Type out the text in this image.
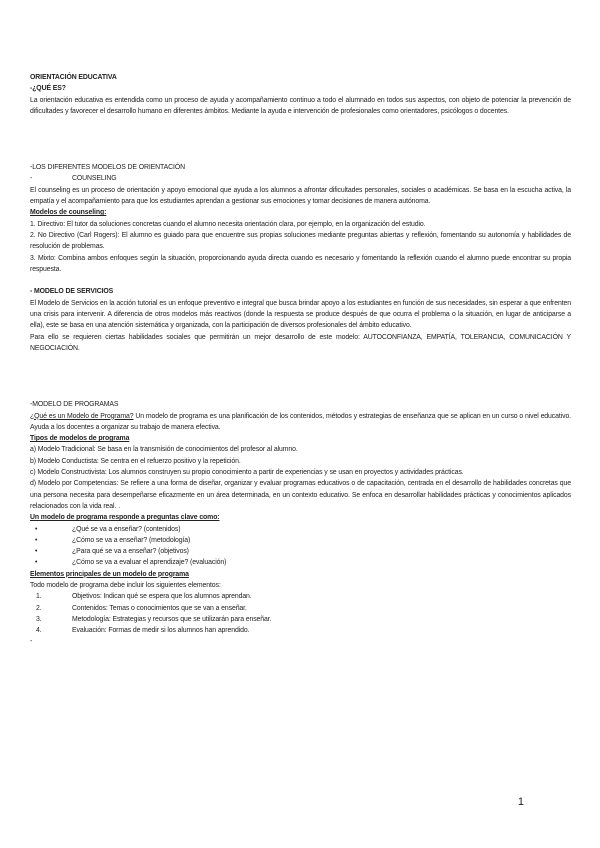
ORIENTACIÓN EDUCATIVA

-¿QUÉ ES?

La orientación educativa es entendida como un proceso de ayuda y acompañamiento continuo a todo el alumnado en todos sus aspectos, con objeto de potenciar la prevención de dificultades y favorecer el desarrollo humano en diferentes ámbitos. Mediante la ayuda e intervención de profesionales como orientadores, psicólogos o docentes.

-LOS DIFERENTES MODELOS DE ORIENTACIÓN

-	COUNSELING

El counseling es un proceso de orientación y apoyo emocional que ayuda a los alumnos a afrontar dificultades personales, sociales o académicas. Se basa en la escucha activa, la empatía y el acompañamiento para que los estudiantes aprendan a gestionar sus emociones y tomar decisiones de manera autónoma.

Modelos de counseling:

1. Directivo: El tutor da soluciones concretas cuando el alumno necesita orientación clara, por ejemplo, en la organización del estudio.

2. No Directivo (Carl Rogers): El alumno es guiado para que encuentre sus propias soluciones mediante preguntas abiertas y reflexión, fomentando su autonomía y habilidades de resolución de problemas.

3. Mixto: Combina ambos enfoques según la situación, proporcionando ayuda directa cuando es necesario y fomentando la reflexión cuando el alumno puede encontrar su propia respuesta.

- MODELO DE SERVICIOS

El Modelo de Servicios en la acción tutorial es un enfoque preventivo e integral que busca brindar apoyo a los estudiantes en función de sus necesidades, sin esperar a que enfrenten una crisis para intervenir. A diferencia de otros modelos más reactivos (donde la respuesta se produce después de que ocurra el problema o la situación, en lugar de anticiparse a ella), este se basa en una atención sistemática y organizada, con la participación de diversos profesionales del ámbito educativo.

Para ello se requieren ciertas habilidades sociales que permitirán un mejor desarrollo de este modelo: AUTOCONFIANZA, EMPATÍA, TOLERANCIA, COMUNICACIÓN Y NEGOCIACIÓN.

-MODELO DE PROGRAMAS

¿Qué es un Modelo de Programa? Un modelo de programa es una planificación de los contenidos, métodos y estrategias de enseñanza que se aplican en un curso o nivel educativo. Ayuda a los docentes a organizar su trabajo de manera efectiva.

Tipos de modelos de programa

a) Modelo Tradicional: Se basa en la transmisión de conocimientos del profesor al alumno.

b) Modelo Conductista: Se centra en el refuerzo positivo y la repetición.

c) Modelo Constructivista: Los alumnos construyen su propio conocimiento a partir de experiencias y se usan en proyectos y actividades prácticas.

d) Modelo por Competencias: Se refiere a una forma de diseñar, organizar y evaluar programas educativos o de capacitación, centrada en el desarrollo de habilidades concretas que una persona necesita para desempeñarse eficazmente en un área determinada, en un contexto educativo. Se enfoca en desarrollar habilidades prácticas y conocimientos aplicados relacionados con la vida real. .

Un modelo de programa responde a preguntas clave como:

•	¿Qué se va a enseñar? (contenidos)
•	¿Cómo se va a enseñar? (metodología)
•	¿Para qué se va a enseñar? (objetivos)
•	¿Cómo se va a evaluar el aprendizaje? (evaluación)

Elementos principales de un modelo de programa

Todo modelo de programa debe incluir los siguientes elementos:

1.	Objetivos: Indican qué se espera que los alumnos aprendan.
2.	Contenidos: Temas o conocimientos que se van a enseñar.
3.	Metodología: Estrategias y recursos que se utilizarán para enseñar.
4.	Evaluación: Formas de medir si los alumnos han aprendido.

-

1
